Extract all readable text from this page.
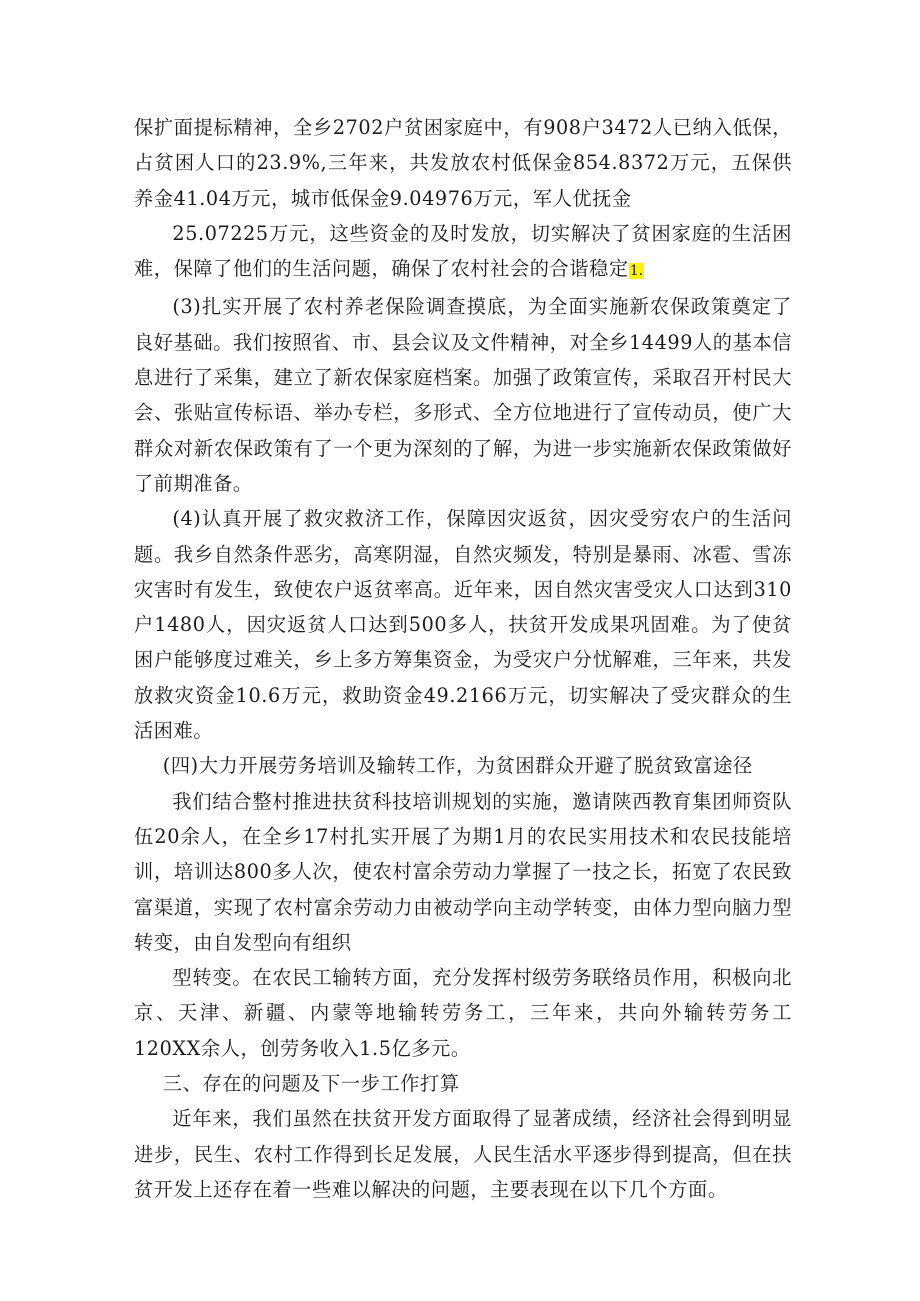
保扩面提标精神，全乡2702户贫困家庭中，有908户3472人已纳入低保，占贫困人口的23.9%,三年来，共发放农村低保金854.8372万元，五保供养金41.04万元，城市低保金9.04976万元，军人优抚金

25.07225万元，这些资金的及时发放，切实解决了贫困家庭的生活困难，保障了他们的生活问题，确保了农村社会的合谐稳定1.

(3)扎实开展了农村养老保险调查摸底，为全面实施新农保政策奠定了良好基础。我们按照省、市、县会议及文件精神，对全乡14499人的基本信息进行了采集，建立了新农保家庭档案。加强了政策宣传，采取召开村民大会、张贴宣传标语、举办专栏，多形式、全方位地进行了宣传动员，使广大群众对新农保政策有了一个更为深刻的了解，为进一步实施新农保政策做好了前期准备。

(4)认真开展了救灾救济工作，保障因灾返贫，因灾受穷农户的生活问题。我乡自然条件恶劣，高寒阴湿，自然灾频发，特别是暴雨、冰雹、雪冻灾害时有发生，致使农户返贫率高。近年来，因自然灾害受灾人口达到310户1480人，因灾返贫人口达到500多人，扶贫开发成果巩固难。为了使贫困户能够度过难关，乡上多方筹集资金，为受灾户分忧解难，三年来，共发放救灾资金10.6万元，救助资金49.2166万元，切实解决了受灾群众的生活困难。

(四)大力开展劳务培训及输转工作，为贫困群众开避了脱贫致富途径

我们结合整村推进扶贫科技培训规划的实施，邀请陕西教育集团师资队伍20余人，在全乡17村扎实开展了为期1月的农民实用技术和农民技能培训，培训达800多人次，使农村富余劳动力掌握了一技之长，拓宽了农民致富渠道，实现了农村富余劳动力由被动学向主动学转变，由体力型向脑力型转变，由自发型向有组织

型转变。在农民工输转方面，充分发挥村级劳务联络员作用，积极向北京、天津、新疆、内蒙等地输转劳务工，三年来，共向外输转劳务工120XX余人，创劳务收入1.5亿多元。

三、存在的问题及下一步工作打算

近年来，我们虽然在扶贫开发方面取得了显著成绩，经济社会得到明显进步，民生、农村工作得到长足发展，人民生活水平逐步得到提高，但在扶贫开发上还存在着一些难以解决的问题，主要表现在以下几个方面。
